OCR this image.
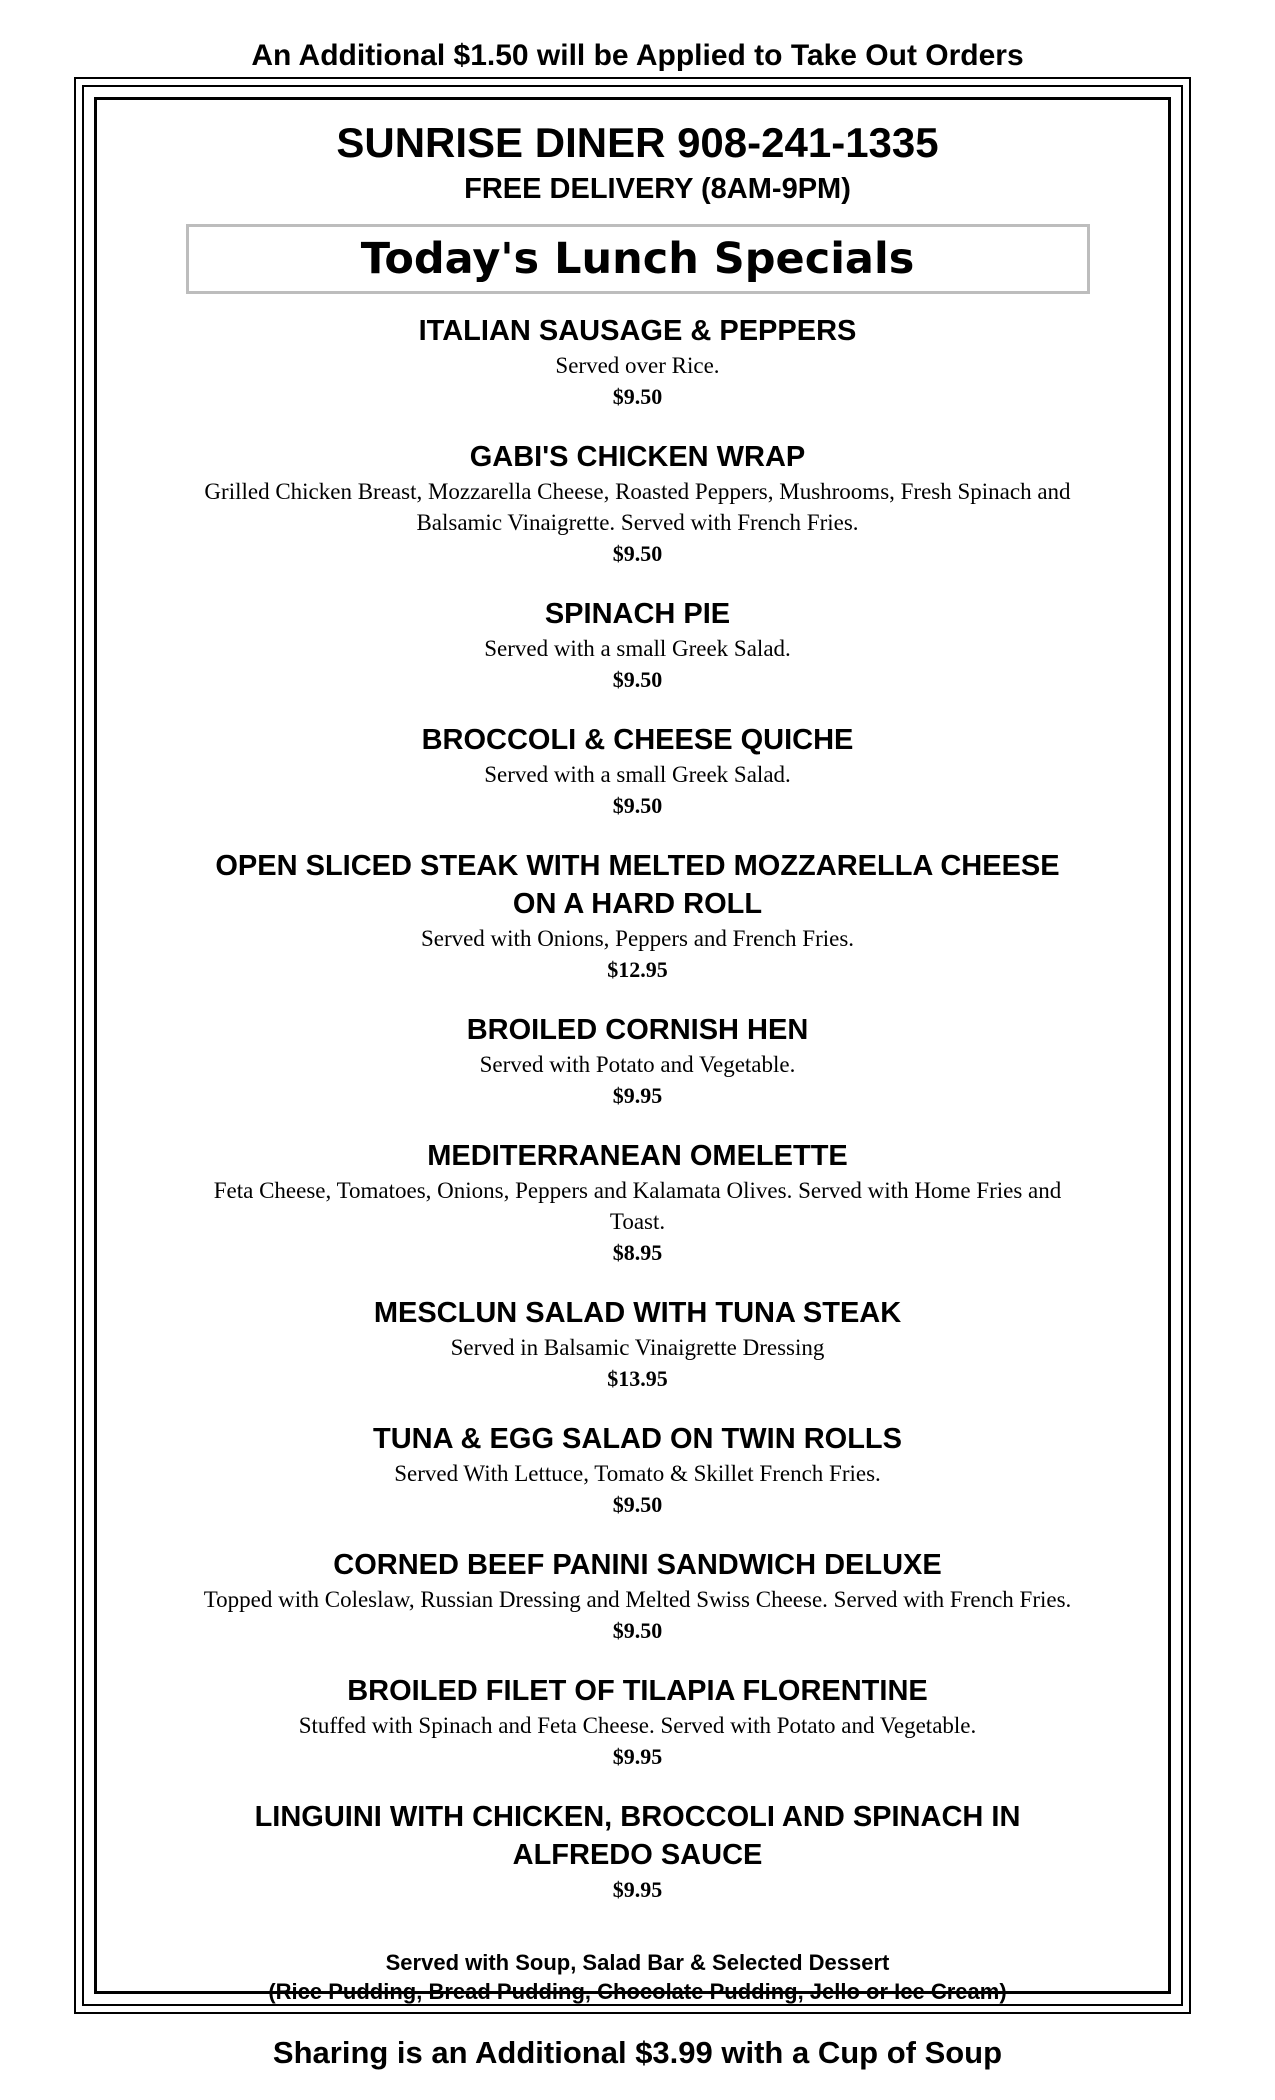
An Additional $1.50 will be Applied to Take Out Orders
SUNRISE DINER 908-241-1335
FREE DELIVERY (8AM-9PM)
Today's Lunch Specials
ITALIAN SAUSAGE & PEPPERS
Served over Rice.
$9.50
GABI'S CHICKEN WRAP
Grilled Chicken Breast, Mozzarella Cheese, Roasted Peppers, Mushrooms, Fresh Spinach and Balsamic Vinaigrette. Served with French Fries.
$9.50
SPINACH PIE
Served with a small Greek Salad.
$9.50
BROCCOLI & CHEESE QUICHE
Served with a small Greek Salad.
$9.50
OPEN SLICED STEAK WITH MELTED MOZZARELLA CHEESE ON A HARD ROLL
Served with Onions, Peppers and French Fries.
$12.95
BROILED CORNISH HEN
Served with Potato and Vegetable.
$9.95
MEDITERRANEAN OMELETTE
Feta Cheese, Tomatoes, Onions, Peppers and Kalamata Olives. Served with Home Fries and Toast.
$8.95
MESCLUN SALAD WITH TUNA STEAK
Served in Balsamic Vinaigrette Dressing
$13.95
TUNA & EGG SALAD ON TWIN ROLLS
Served With Lettuce, Tomato & Skillet French Fries.
$9.50
CORNED BEEF PANINI SANDWICH DELUXE
Topped with Coleslaw, Russian Dressing and Melted Swiss Cheese. Served with French Fries.
$9.50
BROILED FILET OF TILAPIA FLORENTINE
Stuffed with Spinach and Feta Cheese. Served with Potato and Vegetable.
$9.95
LINGUINI WITH CHICKEN, BROCCOLI AND SPINACH IN ALFREDO SAUCE
$9.95
Served with Soup, Salad Bar & Selected Dessert
(Rice Pudding, Bread Pudding, Chocolate Pudding, Jello or Ice Cream)
Sharing is an Additional $3.99 with a Cup of Soup
